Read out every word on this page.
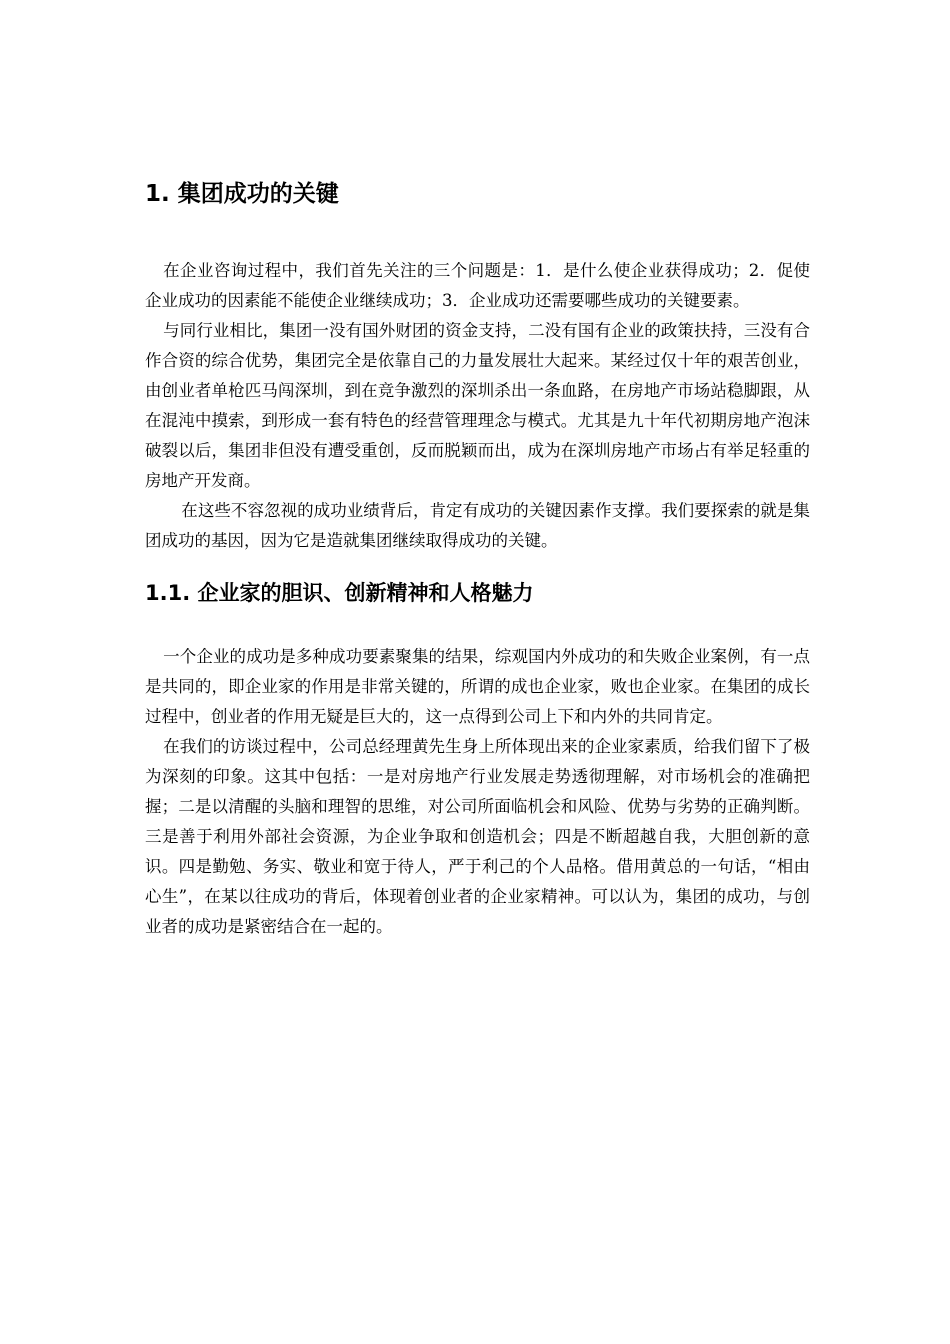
1. 集团成功的关键

在企业咨询过程中，我们首先关注的三个问题是：1．是什么使企业获得成功；2．促使企业成功的因素能不能使企业继续成功；3．企业成功还需要哪些成功的关键要素。

与同行业相比，集团一没有国外财团的资金支持，二没有国有企业的政策扶持，三没有合作合资的综合优势，集团完全是依靠自己的力量发展壮大起来。某经过仅十年的艰苦创业，由创业者单枪匹马闯深圳，到在竞争激烈的深圳杀出一条血路，在房地产市场站稳脚跟，从在混沌中摸索，到形成一套有特色的经营管理理念与模式。尤其是九十年代初期房地产泡沫破裂以后，集团非但没有遭受重创，反而脱颖而出，成为在深圳房地产市场占有举足轻重的房地产开发商。

在这些不容忽视的成功业绩背后，肯定有成功的关键因素作支撑。我们要探索的就是集团成功的基因，因为它是造就集团继续取得成功的关键。

1.1. 企业家的胆识、创新精神和人格魅力

一个企业的成功是多种成功要素聚集的结果，综观国内外成功的和失败企业案例，有一点是共同的，即企业家的作用是非常关键的，所谓的成也企业家，败也企业家。在集团的成长过程中，创业者的作用无疑是巨大的，这一点得到公司上下和内外的共同肯定。

在我们的访谈过程中，公司总经理黄先生身上所体现出来的企业家素质，给我们留下了极为深刻的印象。这其中包括：一是对房地产行业发展走势透彻理解，对市场机会的准确把握；二是以清醒的头脑和理智的思维，对公司所面临机会和风险、优势与劣势的正确判断。三是善于利用外部社会资源，为企业争取和创造机会；四是不断超越自我，大胆创新的意识。四是勤勉、务实、敬业和宽于待人，严于利己的个人品格。借用黄总的一句话，“相由心生”，在某以往成功的背后，体现着创业者的企业家精神。可以认为，集团的成功，与创业者的成功是紧密结合在一起的。
